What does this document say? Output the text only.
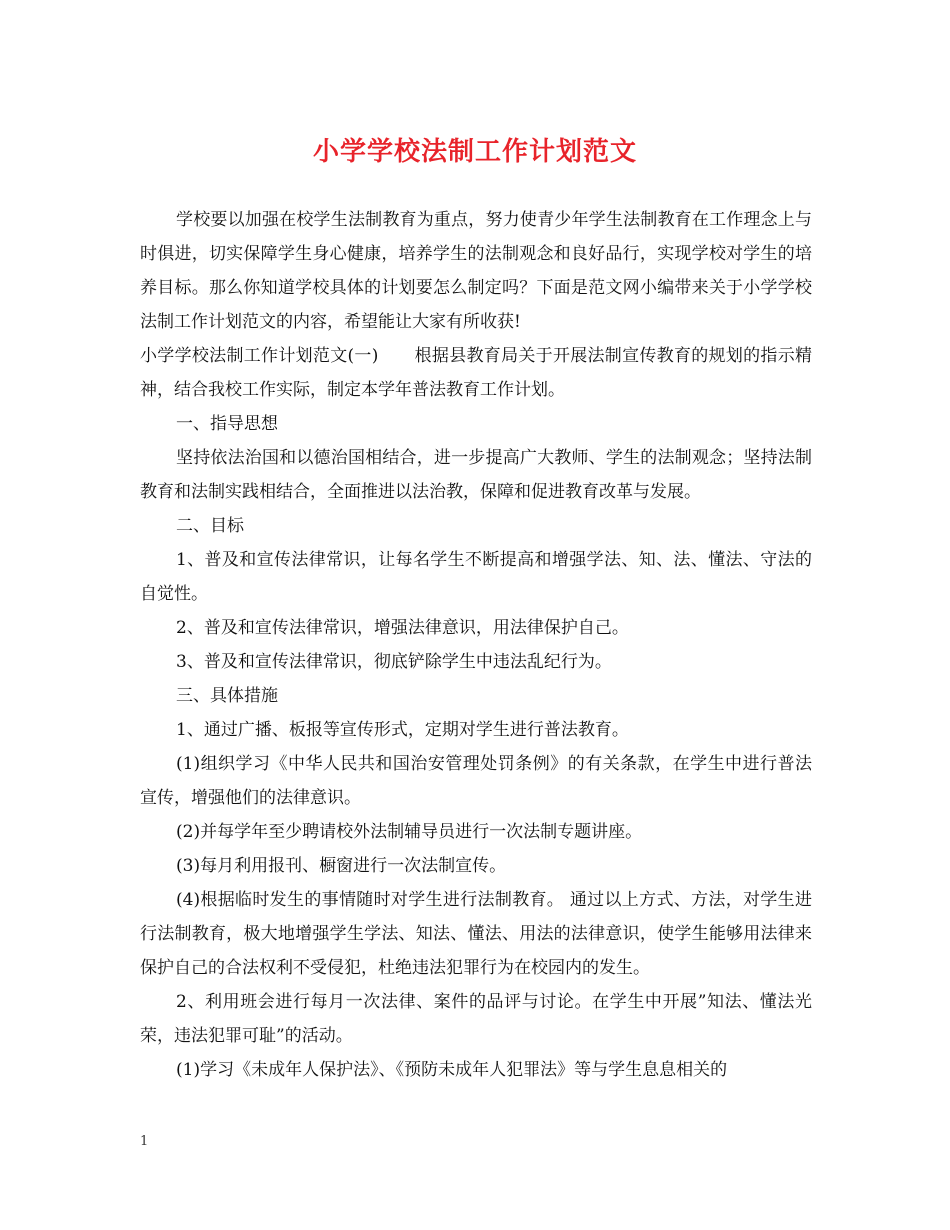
小学学校法制工作计划范文

学校要以加强在校学生法制教育为重点，努力使青少年学生法制教育在工作理念上与时俱进，切实保障学生身心健康，培养学生的法制观念和良好品行，实现学校对学生的培养目标。那么你知道学校具体的计划要怎么制定吗？下面是范文网小编带来关于小学学校法制工作计划范文的内容，希望能让大家有所收获!

小学学校法制工作计划范文(一) 根据县教育局关于开展法制宣传教育的规划的指示精神，结合我校工作实际，制定本学年普法教育工作计划。

一、指导思想

坚持依法治国和以德治国相结合，进一步提高广大教师、学生的法制观念；坚持法制教育和法制实践相结合，全面推进以法治教，保障和促进教育改革与发展。

二、目标

1、普及和宣传法律常识，让每名学生不断提高和增强学法、知、法、懂法、守法的自觉性。

2、普及和宣传法律常识，增强法律意识，用法律保护自己。

3、普及和宣传法律常识，彻底铲除学生中违法乱纪行为。

三、具体措施

1、通过广播、板报等宣传形式，定期对学生进行普法教育。

(1)组织学习《中华人民共和国治安管理处罚条例》的有关条款，在学生中进行普法宣传，增强他们的法律意识。

(2)并每学年至少聘请校外法制辅导员进行一次法制专题讲座。

(3)每月利用报刊、橱窗进行一次法制宣传。

(4)根据临时发生的事情随时对学生进行法制教育。 通过以上方式、方法，对学生进行法制教育，极大地增强学生学法、知法、懂法、用法的法律意识，使学生能够用法律来保护自己的合法权利不受侵犯，杜绝违法犯罪行为在校园内的发生。

2、利用班会进行每月一次法律、案件的品评与讨论。在学生中开展”知法、懂法光荣，违法犯罪可耻”的活动。

(1)学习《未成年人保护法》、《预防未成年人犯罪法》等与学生息息相关的

1
